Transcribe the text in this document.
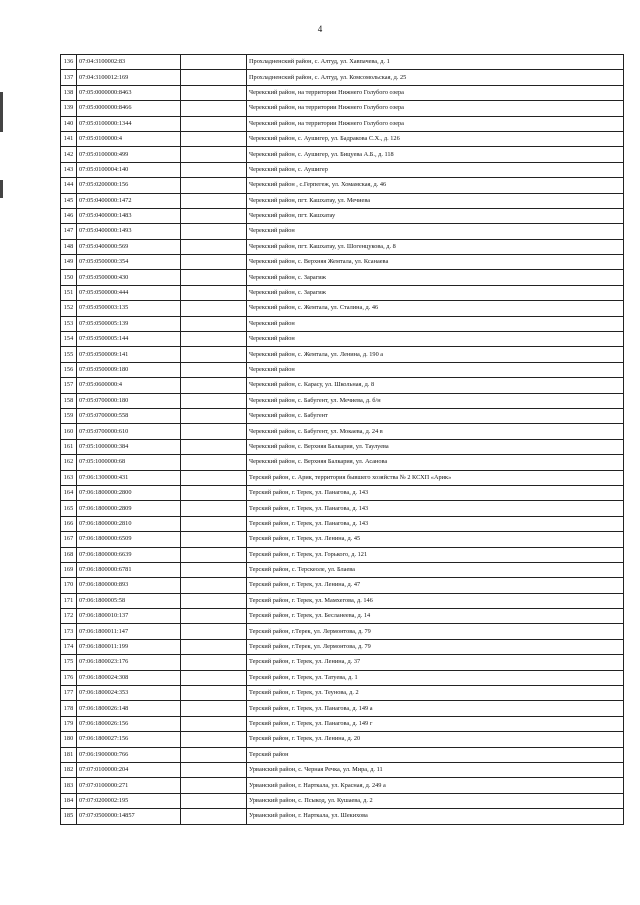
4
136	07:04:3100002:83		Прохладненский район, с. Алтуд, ул. Хавпачева, д. 1
137	07:04:3100012:169		Прохладненский район, с. Алтуд, ул. Комсомольская, д. 25
138	07:05:0000000:8463		Черекский район, на территории Нижнего Голубого озера
139	07:05:0000000:8466		Черекский район, на территории Нижнего Голубого озера
140	07:05:0100000:1344		Черекский район, на территории Нижнего Голубого озера
141	07:05:0100000:4		Черекский район, с. Аушигер, ул. Бадракова С.Х., д. 126
142	07:05:0100000:499		Черекский район, с. Аушигер, ул. Бицуева А.Б., д. 118
143	07:05:0100004:140		Черекский район, с. Аушигер
144	07:05:0200000:156		Черекский район , с.Герпегеж, ул. Хомамская, д. 46
145	07:05:0400000:1472		Черекский район, пгт. Кашхатау, ул. Мечиева
146	07:05:0400000:1483		Черекский район, пгт. Кашхатау
147	07:05:0400000:1493		Черекский район
148	07:05:0400000:569		Черекский район, пгт. Кашхатау, ул. Шогенцукова, д. 8
149	07:05:0500000:354		Черекский район, с. Верхняя Жемтала, ул. Ксанаева
150	07:05:0500000:430		Черекский район, с. Зарагиж
151	07:05:0500000:444		Черекский район, с. Зарагиж
152	07:05:0500003:135		Черекский район, с. Жемтала, ул. Сталина, д. 46
153	07:05:0500005:139		Черекский район
154	07:05:0500005:144		Черекский район
155	07:05:0500009:141		Черекский район, с. Жемтала, ул. Ленина, д. 190 а
156	07:05:0500009:180		Черекский район
157	07:05:0600000:4		Черекский район, с. Карасу, ул. Школьная, д. 8
158	07:05:0700000:180		Черекский район, с. Бабугент, ул. Мечиева, д. б/н
159	07:05:0700000:558		Черекский район, с. Бабугент
160	07:05:0700000:610		Черекский район, с. Бабугент, ул. Мокаева, д. 24 в
161	07:05:1000000:384		Черекский район, с. Верхняя Балкария, ул. Таулуева
162	07:05:1000000:68		Черекский район, с. Верхняя Балкария, ул. Асанова
163	07:06:1300000:431		Терский район, с. Арик, территория бывшего хозяйства № 2 КСХП «Арик»
164	07:06:1800000:2800		Терский район, г. Терек, ул. Панагова, д. 143
165	07:06:1800000:2809		Терский район, г. Терек, ул. Панагова, д. 143
166	07:06:1800000:2810		Терский район, г. Терек, ул. Панагова, д. 143
167	07:06:1800000:6509		Терский район, г. Терек, ул. Ленина, д. 45
168	07:06:1800000:6639		Терский район, г. Терек, ул. Горького, д. 121
169	07:06:1800000:6781		Терский район, с. Терскеоле, ул. Блаева
170	07:06:1800000:893		Терский район, г. Терек, ул. Ленина, д. 47
171	07:06:1800005:58		Терский район, г. Терек, ул. Мамхегова, д. 146
172	07:06:1800010:137		Терский район, г. Терек, ул. Бесланеева, д. 14
173	07:06:1800011:147		Терский район, г.Терек, ул. Лермонтова, д. 79
174	07:06:1800011:199		Терский район, г.Терек, ул. Лермонтова, д. 79
175	07:06:1800023:176		Терский район, г. Терек, ул. Ленина, д. 37
176	07:06:1800024:308		Терский район, г. Терек, ул. Татуева, д. 1
177	07:06:1800024:353		Терский район, г. Терек, ул. Теунова, д. 2
178	07:06:1800026:148		Терский район, г. Терек, ул. Панагова, д. 149 а
179	07:06:1800026:156		Терский район, г. Терек, ул. Панагова, д. 149 г
180	07:06:1800027:156		Терский район, г. Терек, ул. Ленина, д. 20
181	07:06:1900000:766		Терский район
182	07:07:0100000:204		Урванский район, с. Черная Речка, ул. Мира, д. 11
183	07:07:0100000:271		Урванский район, г. Нарткала, ул. Красная, д. 249 а
184	07:07:0200002:195		Урванский район, с. Псыкод, ул. Кушаева, д. 2
185	07:07:0500000:14857		Урванский район, г. Нарткала, ул. Шекихова
